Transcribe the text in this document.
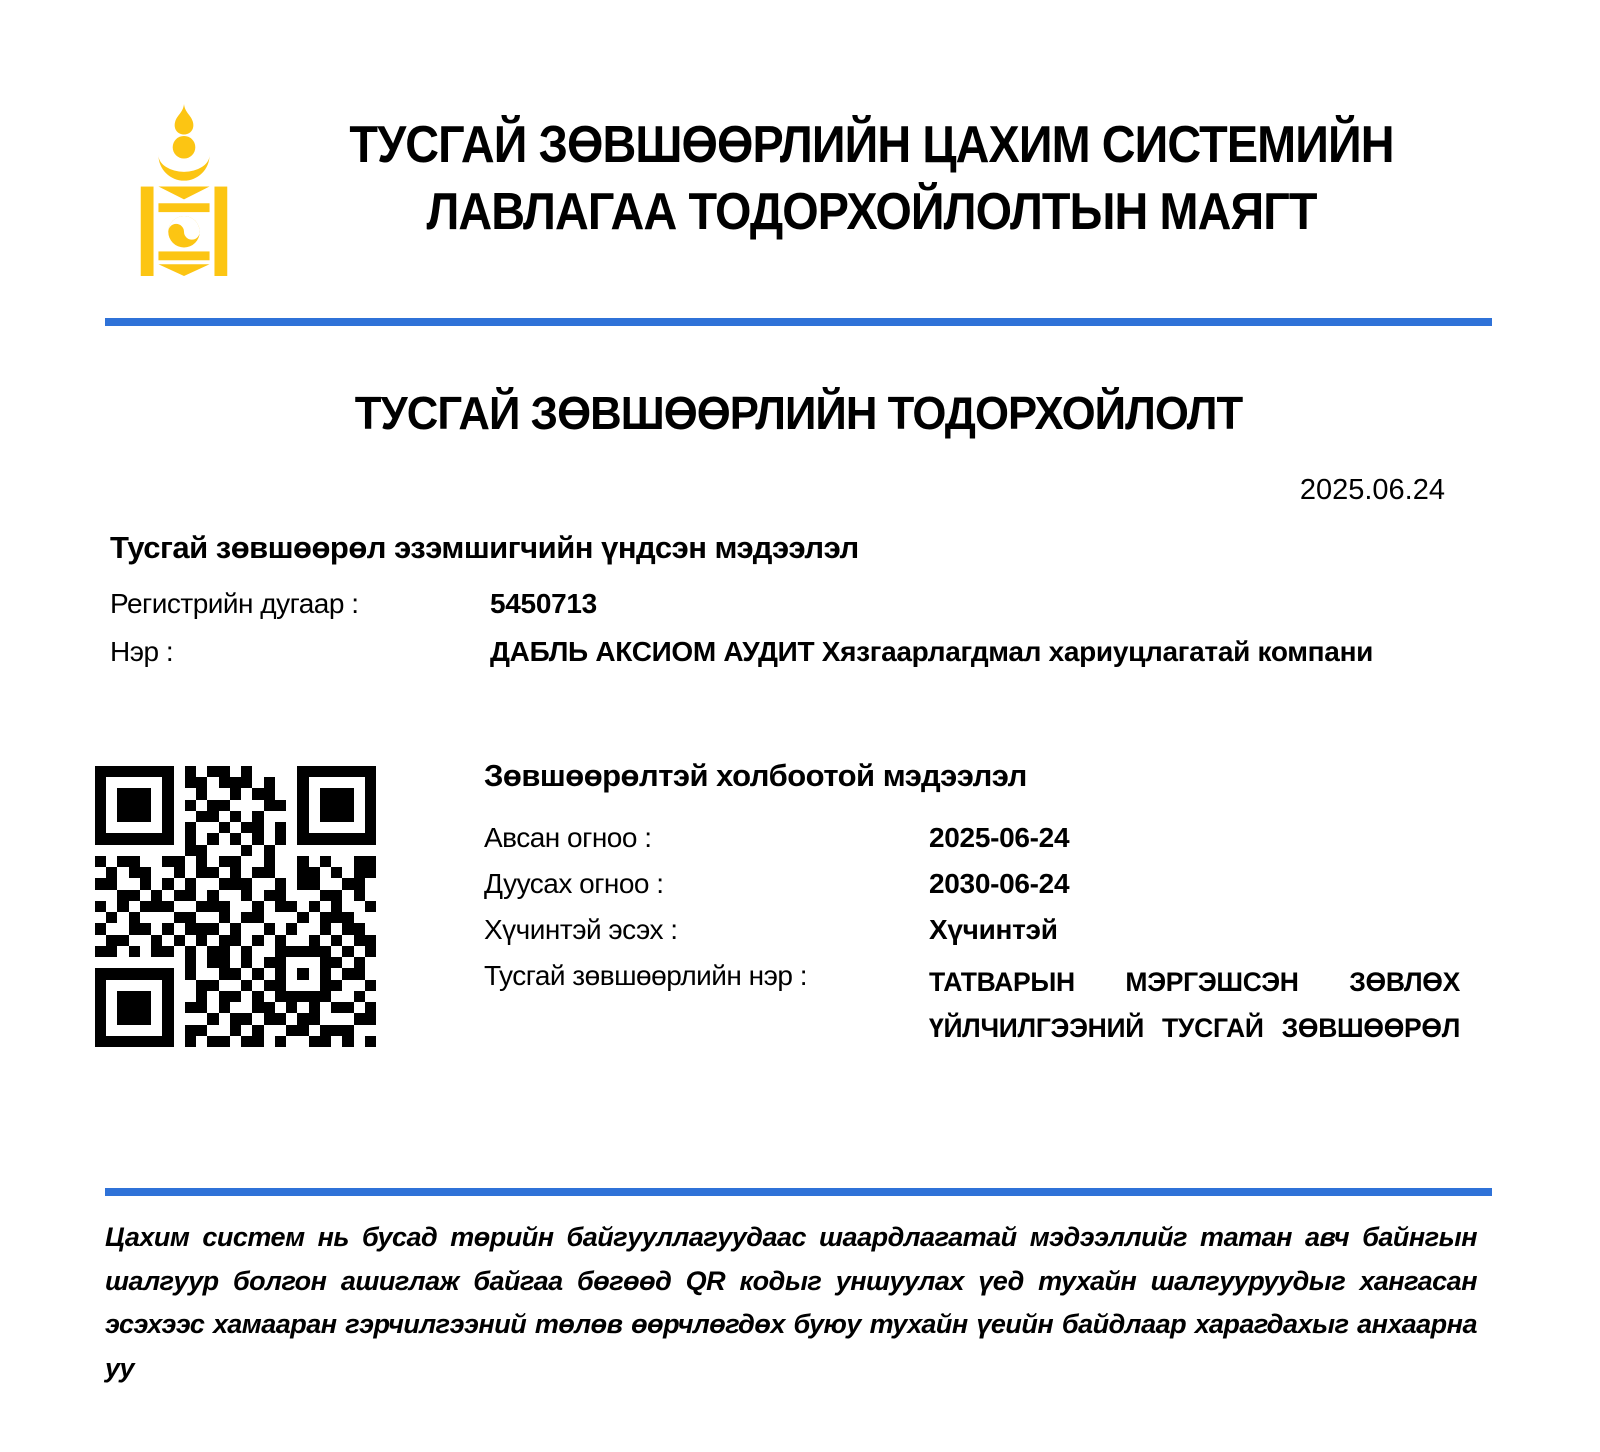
ТУСГАЙ ЗӨВШӨӨРЛИЙН ЦАХИМ СИСТЕМИЙН
ЛАВЛАГАА ТОДОРХОЙЛОЛТЫН МАЯГТ
ТУСГАЙ ЗӨВШӨӨРЛИЙН ТОДОРХОЙЛОЛТ
2025.06.24
Тусгай зөвшөөрөл эзэмшигчийн үндсэн мэдээлэл
Регистрийн дугаар :	5450713
Нэр :	ДАБЛЬ АКСИОМ АУДИТ Хязгаарлагдмал хариуцлагатай компани
Зөвшөөрөлтэй холбоотой мэдээлэл
Авсан огноо :	2025-06-24
Дуусах огноо :	2030-06-24
Хүчинтэй эсэх :	Хүчинтэй
Тусгай зөвшөөрлийн нэр :	ТАТВАРЫН МЭРГЭШСЭН ЗӨВЛӨХ ҮЙЛЧИЛГЭЭНИЙ ТУСГАЙ ЗӨВШӨӨРӨЛ
Цахим систем нь бусад төрийн байгууллагуудаас шаардлагатай мэдээллийг татан авч байнгын шалгуур болгон ашиглаж байгаа бөгөөд QR кодыг уншуулах үед тухайн шалгууруудыг хангасан эсэхээс хамааран гэрчилгээний төлөв өөрчлөгдөх буюу тухайн үеийн байдлаар харагдахыг анхаарна уу
